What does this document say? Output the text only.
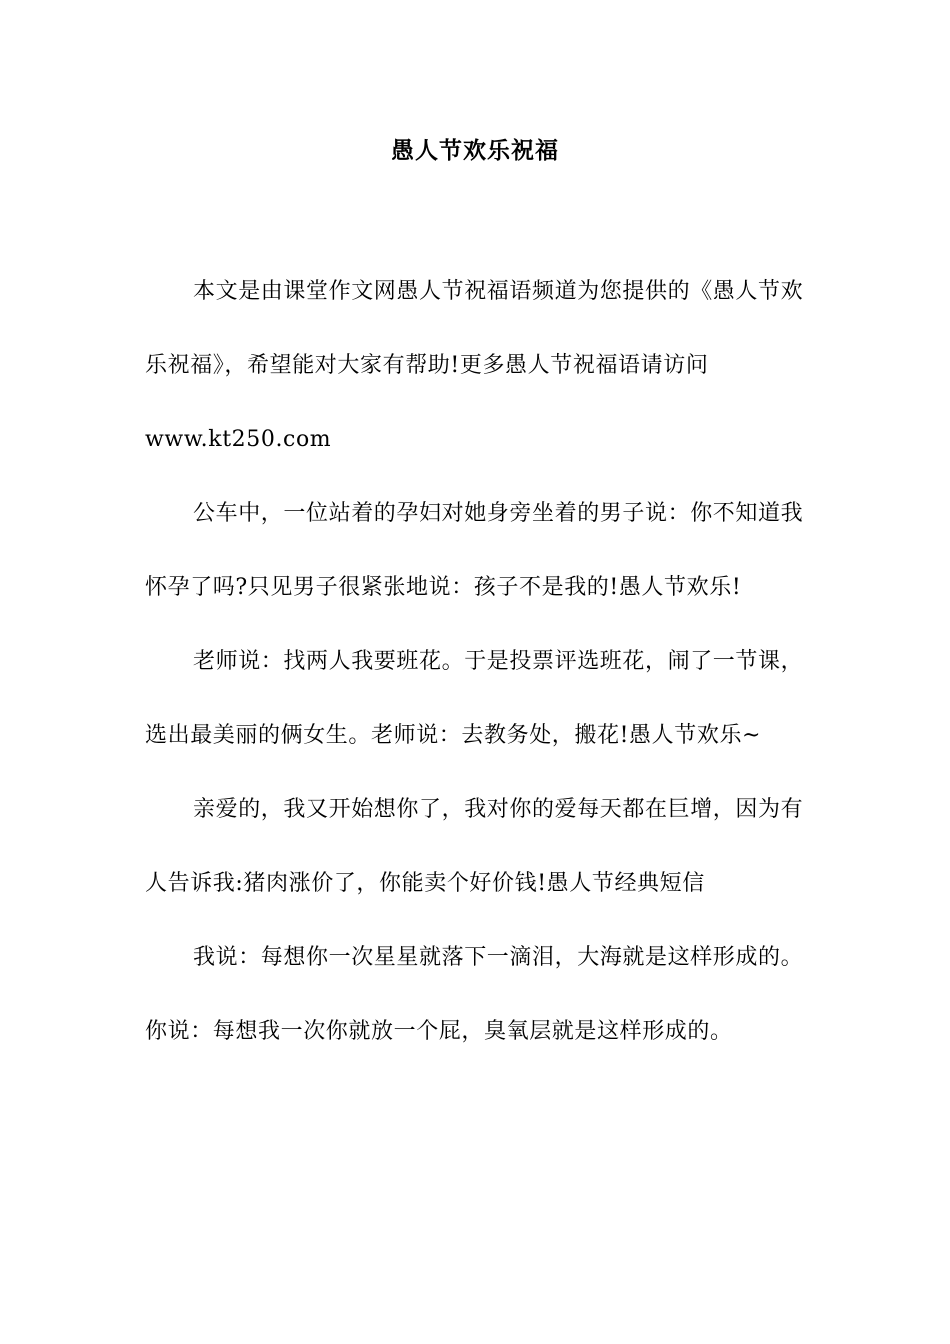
愚人节欢乐祝福

本文是由课堂作文网愚人节祝福语频道为您提供的《愚人节欢乐祝福》，希望能对大家有帮助!更多愚人节祝福语请访问www.kt250.com

公车中，一位站着的孕妇对她身旁坐着的男子说：你不知道我怀孕了吗?只见男子很紧张地说：孩子不是我的!愚人节欢乐!

老师说：找两人我要班花。于是投票评选班花，闹了一节课，选出最美丽的俩女生。老师说：去教务处，搬花!愚人节欢乐~

亲爱的，我又开始想你了，我对你的爱每天都在巨增，因为有人告诉我:猪肉涨价了，你能卖个好价钱!愚人节经典短信

我说：每想你一次星星就落下一滴泪，大海就是这样形成的。你说：每想我一次你就放一个屁，臭氧层就是这样形成的。
